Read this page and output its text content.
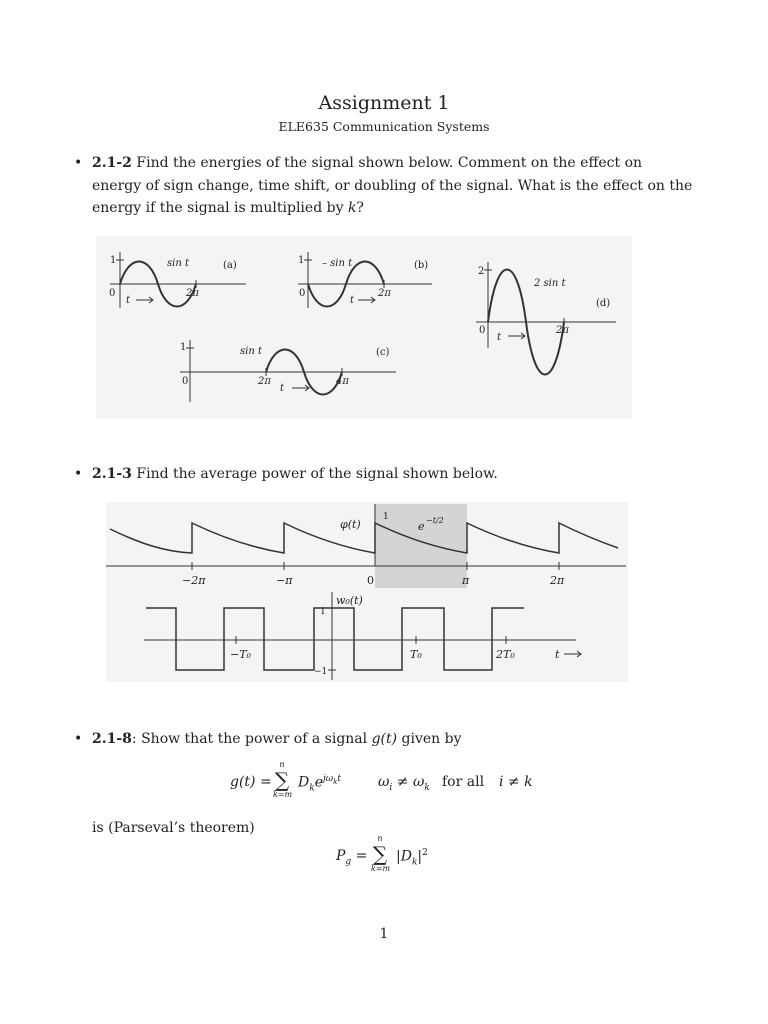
Assignment 1
ELE635 Communication Systems
• 2.1-2 Find the energies of the signal shown below. Comment on the effect on energy of sign change, time shift, or doubling of the signal. What is the effect on the energy if the signal is multiplied by k?
1
0
sin t	(a)
2π
t
1
0
– sin t	(b)
2π
t
1
0
sin t	(c)
2π	4π
t
2
0
2 sin t
(d)
2π
t
• 2.1-3 Find the average power of the signal shown below.
φ(t)
1
e −t/2
−2π	−π	0	π	2π
w₀(t)
1
−1
−T₀	T₀	2T₀	t
• 2.1-8: Show that the power of a signal g(t) given by
g(t) =
n
∑
k=m
$D_ke^{j\omega_kt}$	$\omega_i \ne \omega_k$ for all i ≠ k
is (Parseval’s theorem)
$P_g$ =
n
∑
k=m
$|D_k|^2$
1
